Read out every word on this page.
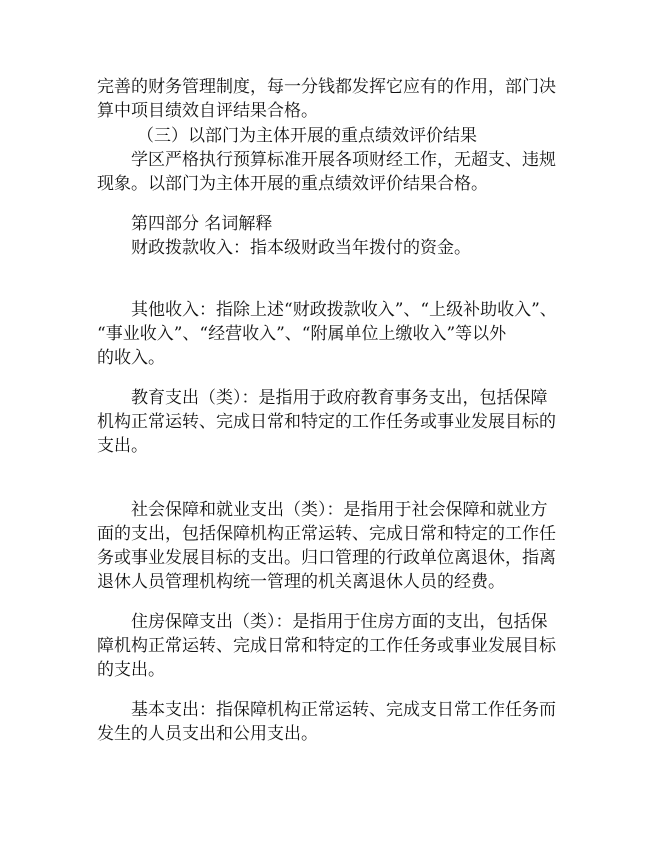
完善的财务管理制度，每一分钱都发挥它应有的作用，部门决
算中项目绩效自评结果合格。
（三）以部门为主体开展的重点绩效评价结果
学区严格执行预算标准开展各项财经工作，无超支、违规
现象。以部门为主体开展的重点绩效评价结果合格。
第四部分 名词解释
财政拨款收入：指本级财政当年拨付的资金。
其他收入：指除上述“财政拨款收入”、“上级补助收入”、
“事业收入”、“经营收入”、“附属单位上缴收入”等以外
的收入。
教育支出（类）：是指用于政府教育事务支出，包括保障
机构正常运转、完成日常和特定的工作任务或事业发展目标的
支出。
社会保障和就业支出（类）：是指用于社会保障和就业方
面的支出，包括保障机构正常运转、完成日常和特定的工作任
务或事业发展目标的支出。归口管理的行政单位离退休，指离
退休人员管理机构统一管理的机关离退休人员的经费。
住房保障支出（类）：是指用于住房方面的支出，包括保
障机构正常运转、完成日常和特定的工作任务或事业发展目标
的支出。
基本支出：指保障机构正常运转、完成支日常工作任务而
发生的人员支出和公用支出。
